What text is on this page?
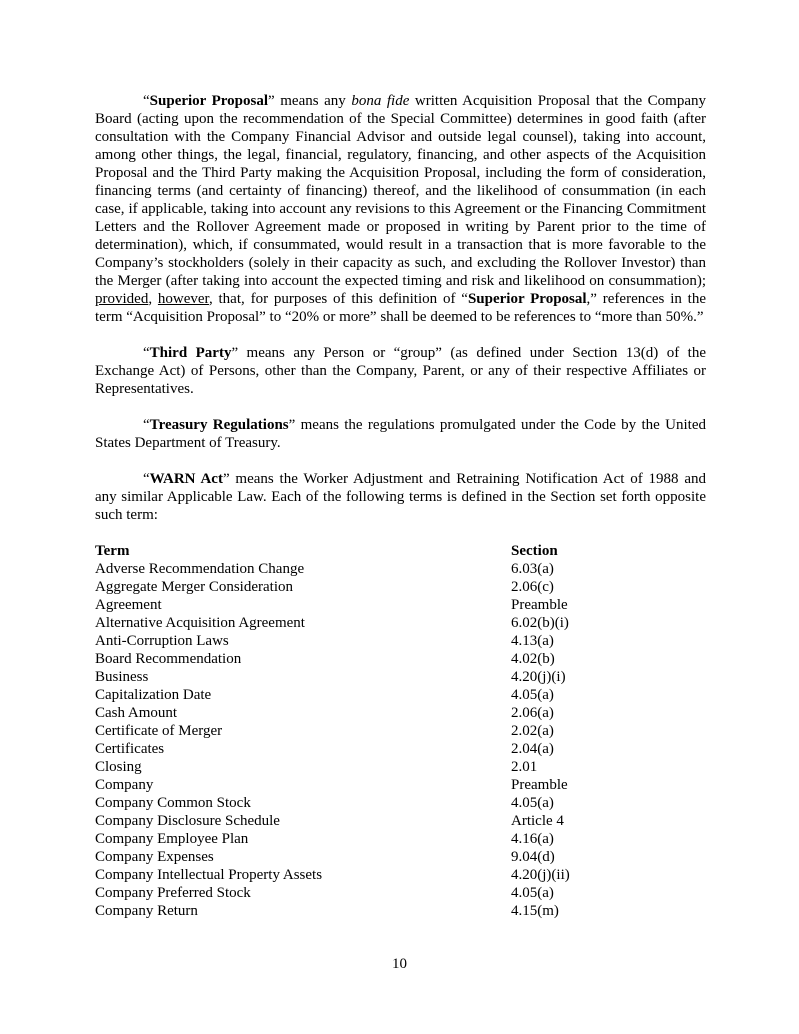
“Superior Proposal” means any bona fide written Acquisition Proposal that the Company Board (acting upon the recommendation of the Special Committee) determines in good faith (after consultation with the Company Financial Advisor and outside legal counsel), taking into account, among other things, the legal, financial, regulatory, financing, and other aspects of the Acquisition Proposal and the Third Party making the Acquisition Proposal, including the form of consideration, financing terms (and certainty of financing) thereof, and the likelihood of consummation (in each case, if applicable, taking into account any revisions to this Agreement or the Financing Commitment Letters and the Rollover Agreement made or proposed in writing by Parent prior to the time of determination), which, if consummated, would result in a transaction that is more favorable to the Company’s stockholders (solely in their capacity as such, and excluding the Rollover Investor) than the Merger (after taking into account the expected timing and risk and likelihood on consummation); provided, however, that, for purposes of this definition of “Superior Proposal,” references in the term “Acquisition Proposal” to “20% or more” shall be deemed to be references to “more than 50%.”

“Third Party” means any Person or “group” (as defined under Section 13(d) of the Exchange Act) of Persons, other than the Company, Parent, or any of their respective Affiliates or Representatives.

“Treasury Regulations” means the regulations promulgated under the Code by the United States Department of Treasury.

“WARN Act” means the Worker Adjustment and Retraining Notification Act of 1988 and any similar Applicable Law. Each of the following terms is defined in the Section set forth opposite such term:

Term	Section
Adverse Recommendation Change	6.03(a)
Aggregate Merger Consideration	2.06(c)
Agreement	Preamble
Alternative Acquisition Agreement	6.02(b)(i)
Anti-Corruption Laws	4.13(a)
Board Recommendation	4.02(b)
Business	4.20(j)(i)
Capitalization Date	4.05(a)
Cash Amount	2.06(a)
Certificate of Merger	2.02(a)
Certificates	2.04(a)
Closing	2.01
Company	Preamble
Company Common Stock	4.05(a)
Company Disclosure Schedule	Article 4
Company Employee Plan	4.16(a)
Company Expenses	9.04(d)
Company Intellectual Property Assets	4.20(j)(ii)
Company Preferred Stock	4.05(a)
Company Return	4.15(m)
10
